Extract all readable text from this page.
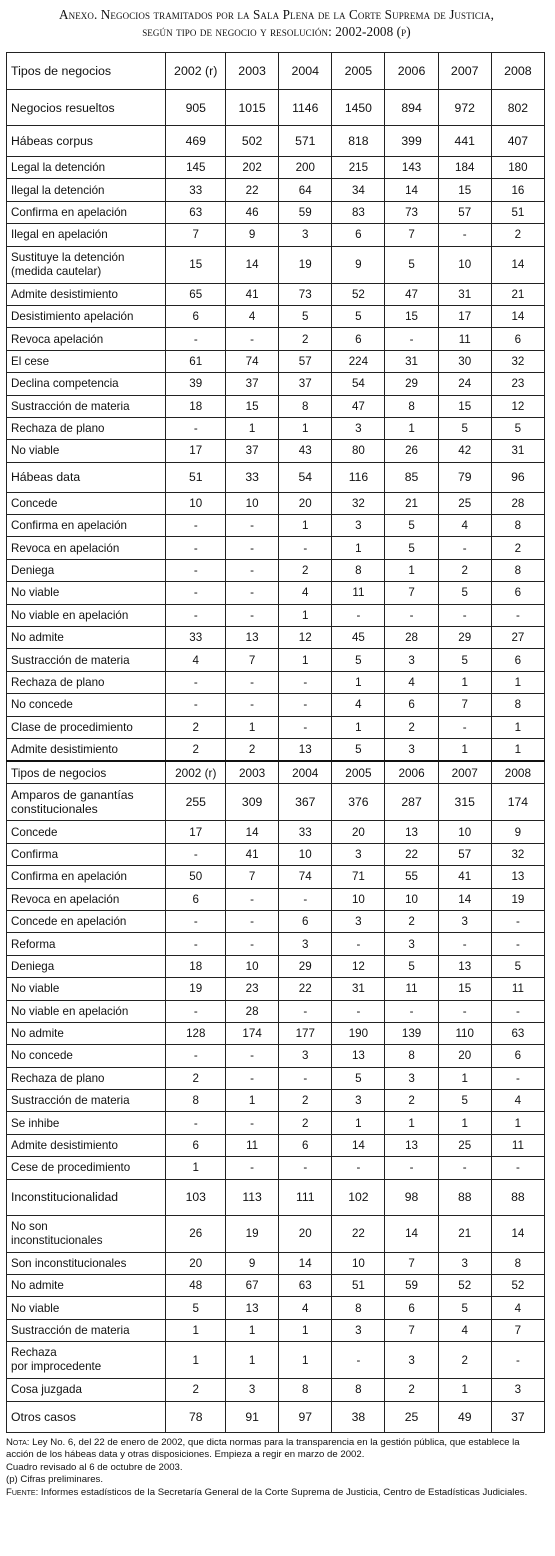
Anexo. Negocios tramitados por la Sala Plena de la Corte Suprema de Justicia,
según tipo de negocio y resolución: 2002-2008 (p)
Tipos de negocios	2002 (r)	2003	2004	2005	2006	2007	2008
Negocios resueltos	905	1015	1146	1450	894	972	802
Hábeas corpus	469	502	571	818	399	441	407
Legal la detención	145	202	200	215	143	184	180
Ilegal la detención	33	22	64	34	14	15	16
Confirma en apelación	63	46	59	83	73	57	51
Ilegal en apelación	7	9	3	6	7	-	2

Sustituye la detención
(medida cautelar)	15	14	19	9	5	10	14
Admite desistimiento	65	41	73	52	47	31	21
Desistimiento apelación	6	4	5	5	15	17	14
Revoca apelación	-	-	2	6	-	11	6
El cese	61	74	57	224	31	30	32
Declina competencia	39	37	37	54	29	24	23
Sustracción de materia	18	15	8	47	8	15	12
Rechaza de plano	-	1	1	3	1	5	5
No viable	17	37	43	80	26	42	31
Hábeas data	51	33	54	116	85	79	96
Concede	10	10	20	32	21	25	28
Confirma en apelación	-	-	1	3	5	4	8
Revoca en apelación	-	-	-	1	5	-	2
Deniega	-	-	2	8	1	2	8
No viable	-	-	4	11	7	5	6
No viable en apelación	-	-	1	-	-	-	-
No admite	33	13	12	45	28	29	27
Sustracción de materia	4	7	1	5	3	5	6
Rechaza de plano	-	-	-	1	4	1	1
No concede	-	-	-	4	6	7	8
Clase de procedimiento	2	1	-	1	2	-	1
Admite desistimiento	2	2	13	5	3	1	1
Tipos de negocios	2002 (r)	2003	2004	2005	2006	2007	2008

Amparos de ganantías
constitucionales	255	309	367	376	287	315	174
Concede	17	14	33	20	13	10	9
Confirma	-	41	10	3	22	57	32
Confirma en apelación	50	7	74	71	55	41	13
Revoca en apelación	6	-	-	10	10	14	19
Concede en apelación	-	-	6	3	2	3	-
Reforma	-	-	3	-	3	-	-
Deniega	18	10	29	12	5	13	5
No viable	19	23	22	31	11	15	11
No viable en apelación	-	28	-	-	-	-	-
No admite	128	174	177	190	139	110	63
No concede	-	-	3	13	8	20	6
Rechaza de plano	2	-	-	5	3	1	-
Sustracción de materia	8	1	2	3	2	5	4
Se inhibe	-	-	2	1	1	1	1
Admite desistimiento	6	11	6	14	13	25	11
Cese de procedimiento	1	-	-	-	-	-	-
Inconstitucionalidad	103	113	111	102	98	88	88

No son
inconstitucionales	26	19	20	22	14	21	14
Son inconstitucionales	20	9	14	10	7	3	8
No admite	48	67	63	51	59	52	52
No viable	5	13	4	8	6	5	4
Sustracción de materia	1	1	1	3	7	4	7

Rechaza
por improcedente	1	1	1	-	3	2	-
Cosa juzgada	2	3	8	8	2	1	3
Otros casos	78	91	97	38	25	49	37
Nota: Ley No. 6, del 22 de enero de 2002, que dicta normas para la transparencia en la gestión pública, que establece la acción de los hábeas data y otras disposiciones. Empieza a regir en marzo de 2002.
Cuadro revisado al 6 de octubre de 2003.
(p) Cifras preliminares.
Fuente: Informes estadísticos de la Secretaría General de la Corte Suprema de Justicia, Centro de Estadísticas Judiciales.
